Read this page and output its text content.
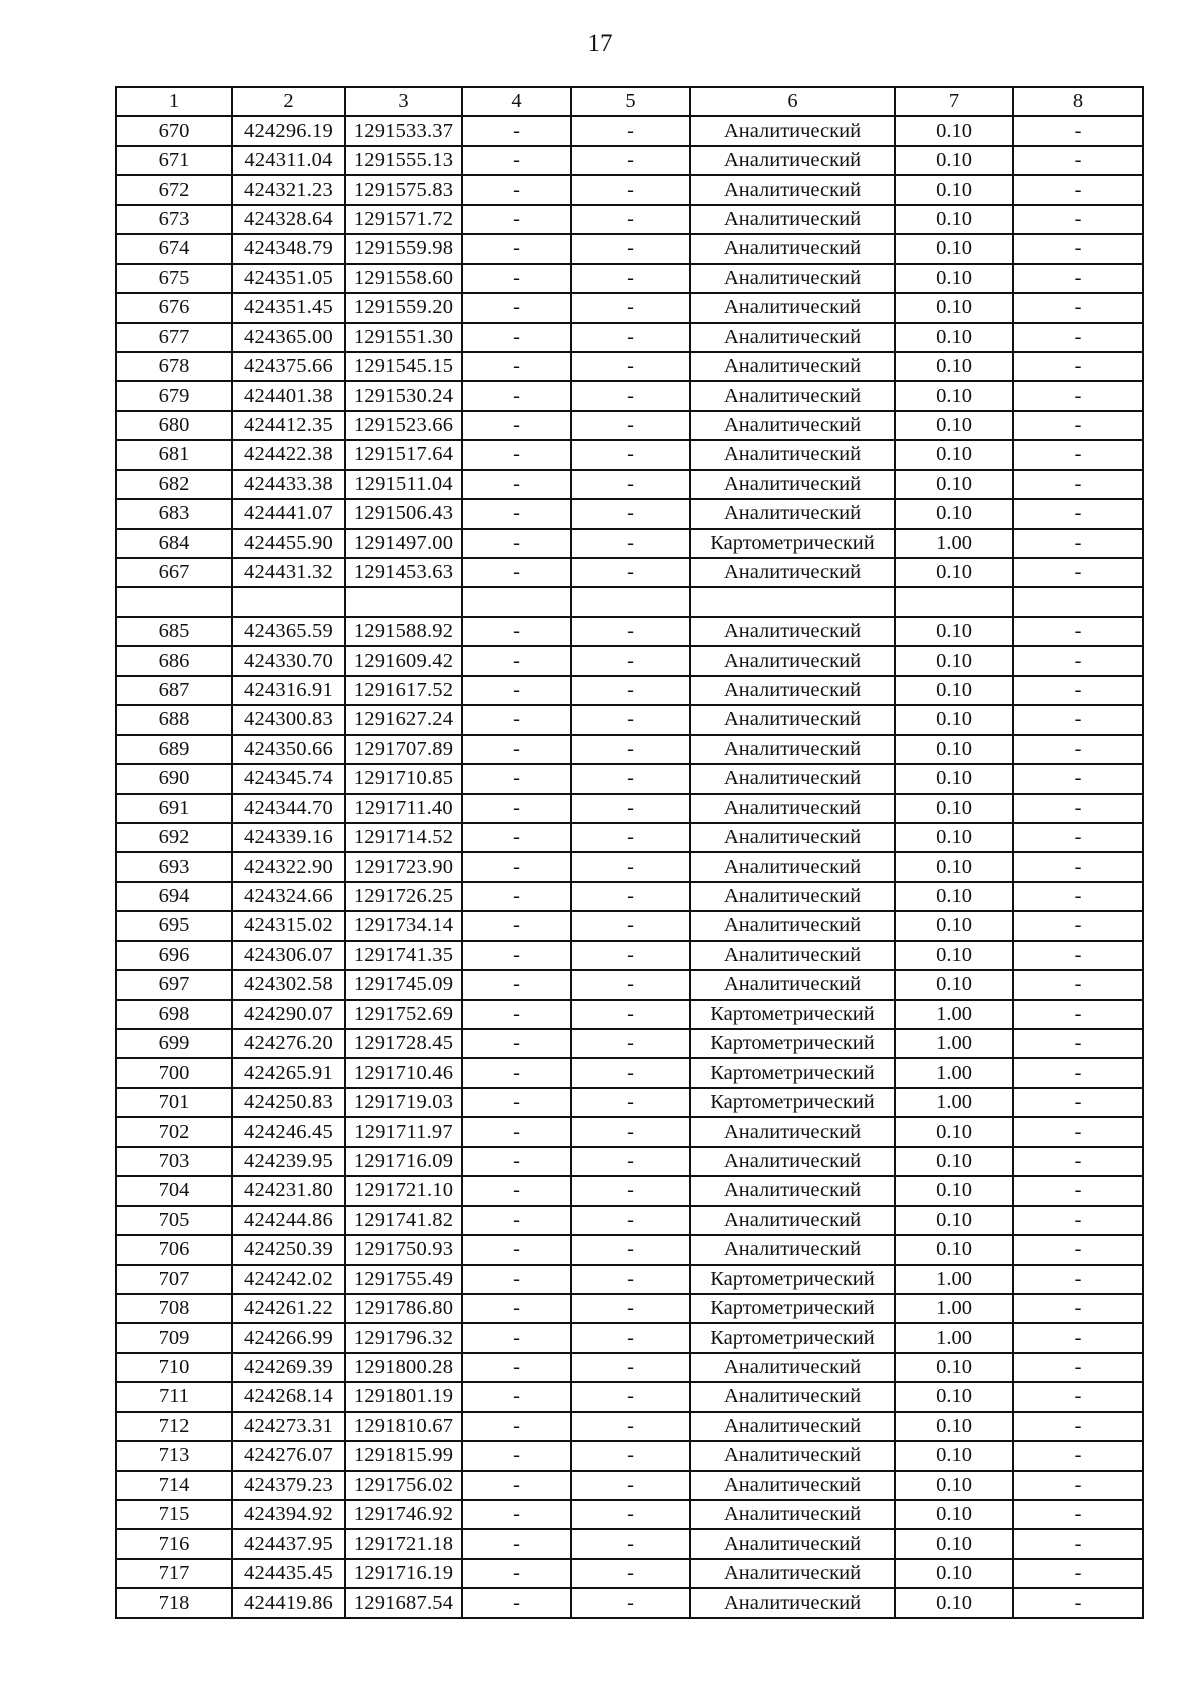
17
1	2	3	4	5	6	7	8
670	424296.19	1291533.37	-	-	Аналитический	0.10	-
671	424311.04	1291555.13	-	-	Аналитический	0.10	-
672	424321.23	1291575.83	-	-	Аналитический	0.10	-
673	424328.64	1291571.72	-	-	Аналитический	0.10	-
674	424348.79	1291559.98	-	-	Аналитический	0.10	-
675	424351.05	1291558.60	-	-	Аналитический	0.10	-
676	424351.45	1291559.20	-	-	Аналитический	0.10	-
677	424365.00	1291551.30	-	-	Аналитический	0.10	-
678	424375.66	1291545.15	-	-	Аналитический	0.10	-
679	424401.38	1291530.24	-	-	Аналитический	0.10	-
680	424412.35	1291523.66	-	-	Аналитический	0.10	-
681	424422.38	1291517.64	-	-	Аналитический	0.10	-
682	424433.38	1291511.04	-	-	Аналитический	0.10	-
683	424441.07	1291506.43	-	-	Аналитический	0.10	-
684	424455.90	1291497.00	-	-	Картометрический	1.00	-
667	424431.32	1291453.63	-	-	Аналитический	0.10	-

685	424365.59	1291588.92	-	-	Аналитический	0.10	-
686	424330.70	1291609.42	-	-	Аналитический	0.10	-
687	424316.91	1291617.52	-	-	Аналитический	0.10	-
688	424300.83	1291627.24	-	-	Аналитический	0.10	-
689	424350.66	1291707.89	-	-	Аналитический	0.10	-
690	424345.74	1291710.85	-	-	Аналитический	0.10	-
691	424344.70	1291711.40	-	-	Аналитический	0.10	-
692	424339.16	1291714.52	-	-	Аналитический	0.10	-
693	424322.90	1291723.90	-	-	Аналитический	0.10	-
694	424324.66	1291726.25	-	-	Аналитический	0.10	-
695	424315.02	1291734.14	-	-	Аналитический	0.10	-
696	424306.07	1291741.35	-	-	Аналитический	0.10	-
697	424302.58	1291745.09	-	-	Аналитический	0.10	-
698	424290.07	1291752.69	-	-	Картометрический	1.00	-
699	424276.20	1291728.45	-	-	Картометрический	1.00	-
700	424265.91	1291710.46	-	-	Картометрический	1.00	-
701	424250.83	1291719.03	-	-	Картометрический	1.00	-
702	424246.45	1291711.97	-	-	Аналитический	0.10	-
703	424239.95	1291716.09	-	-	Аналитический	0.10	-
704	424231.80	1291721.10	-	-	Аналитический	0.10	-
705	424244.86	1291741.82	-	-	Аналитический	0.10	-
706	424250.39	1291750.93	-	-	Аналитический	0.10	-
707	424242.02	1291755.49	-	-	Картометрический	1.00	-
708	424261.22	1291786.80	-	-	Картометрический	1.00	-
709	424266.99	1291796.32	-	-	Картометрический	1.00	-
710	424269.39	1291800.28	-	-	Аналитический	0.10	-
711	424268.14	1291801.19	-	-	Аналитический	0.10	-
712	424273.31	1291810.67	-	-	Аналитический	0.10	-
713	424276.07	1291815.99	-	-	Аналитический	0.10	-
714	424379.23	1291756.02	-	-	Аналитический	0.10	-
715	424394.92	1291746.92	-	-	Аналитический	0.10	-
716	424437.95	1291721.18	-	-	Аналитический	0.10	-
717	424435.45	1291716.19	-	-	Аналитический	0.10	-
718	424419.86	1291687.54	-	-	Аналитический	0.10	-
